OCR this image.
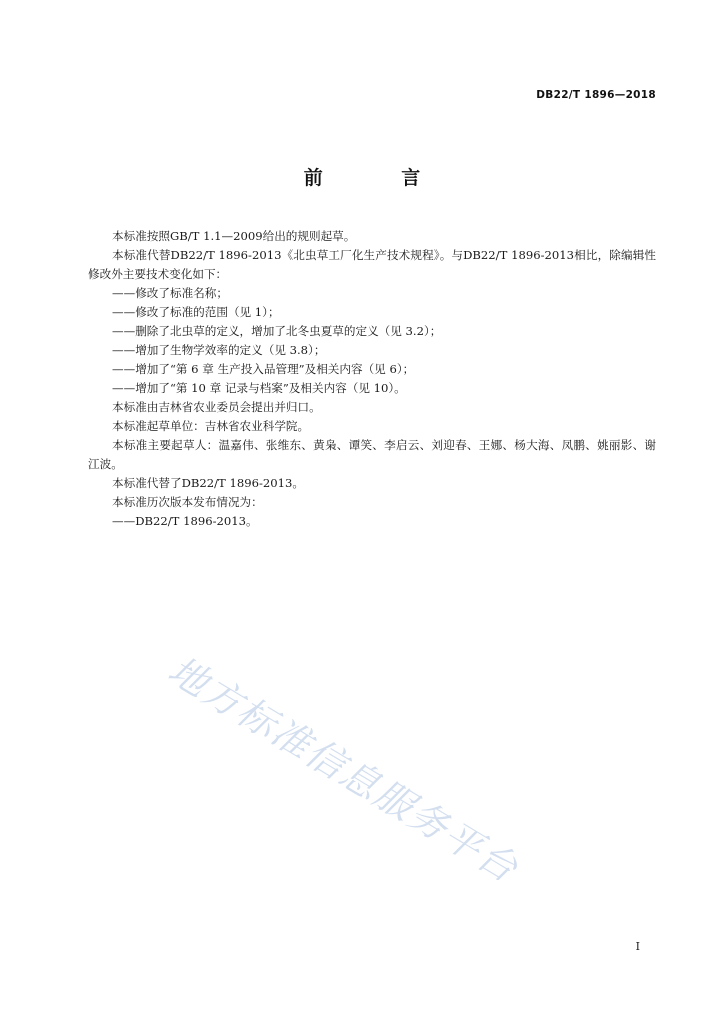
DB22/T 1896—2018
前 言

本标准按照GB/T 1.1—2009给出的规则起草。

本标准代替DB22/T 1896-2013《北虫草工厂化生产技术规程》。与DB22/T 1896-2013相比，除编辑性修改外主要技术变化如下：

——修改了标准名称；

——修改了标准的范围（见 1）；

——删除了北虫草的定义，增加了北冬虫夏草的定义（见 3.2）；

——增加了生物学效率的定义（见 3.8）；

——增加了“第 6 章 生产投入品管理”及相关内容（见 6）；

——增加了“第 10 章 记录与档案”及相关内容（见 10）。

本标准由吉林省农业委员会提出并归口。

本标准起草单位：吉林省农业科学院。

本标准主要起草人：温嘉伟、张维东、黄枭、谭笑、李启云、刘迎春、王娜、杨大海、凤鹏、姚丽影、谢江波。

本标准代替了DB22/T 1896-2013。

本标准历次版本发布情况为：

——DB22/T 1896-2013。

地方标准信息服务平台
I
